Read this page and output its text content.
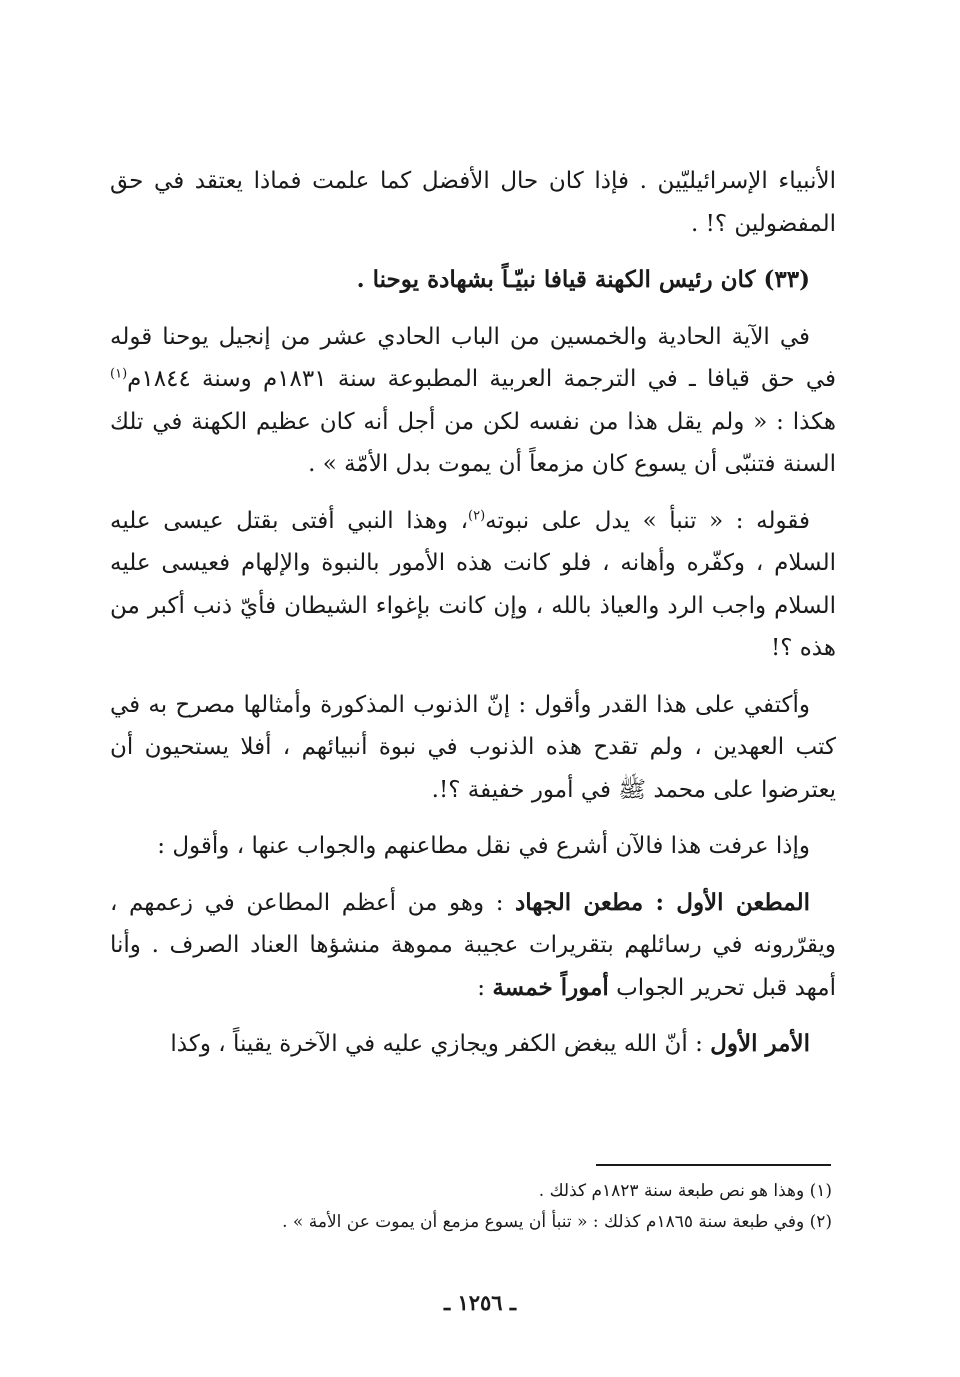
الأنبياء الإسرائيليّين . فإذا كان حال الأفضل كما علمت فماذا يعتقد في حق المفضولين ؟! .

(٣٣) كان رئيس الكهنة قيافا نبيّـاً بشهادة يوحنا .

في الآية الحادية والخمسين من الباب الحادي عشر من إنجيل يوحنا قوله في حق قيافا ـ في الترجمة العربية المطبوعة سنة ١٨٣١م وسنة ١٨٤٤م$^{(١)}$ هكذا : « ولم يقل هذا من نفسه لكن من أجل أنه كان عظيم الكهنة في تلك السنة فتنبّى أن يسوع كان مزمعاً أن يموت بدل الأمّة » .

فقوله : « تنبأ » يدل على نبوته$^{(٢)}$، وهذا النبي أفتى بقتل عيسى عليه السلام ، وكفّره وأهانه ، فلو كانت هذه الأمور بالنبوة والإلهام فعيسى عليه السلام واجب الرد والعياذ بالله ، وإن كانت بإغواء الشيطان فأيّ ذنب أكبر من هذه ؟!

وأكتفي على هذا القدر وأقول : إنّ الذنوب المذكورة وأمثالها مصرح به في كتب العهدين ، ولم تقدح هذه الذنوب في نبوة أنبيائهم ، أفلا يستحيون أن يعترضوا على محمد ﷺ في أمور خفيفة ؟!.

وإذا عرفت هذا فالآن أشرع في نقل مطاعنهم والجواب عنها ، وأقول :

المطعن الأول : مطعن الجهاد : وهو من أعظم المطاعن في زعمهم ، ويقرّرونه في رسائلهم بتقريرات عجيبة مموهة منشؤها العناد الصرف . وأنا أمهد قبل تحرير الجواب أموراً خمسة :

الأمر الأول : أنّ الله يبغض الكفر ويجازي عليه في الآخرة يقيناً ، وكذا

(١) وهذا هو نص طبعة سنة ١٨٢٣م كذلك .

(٢) وفي طبعة سنة ١٨٦٥م كذلك : « تنبأ أن يسوع مزمع أن يموت عن الأمة » .

ـ ١٢٥٦ ـ
